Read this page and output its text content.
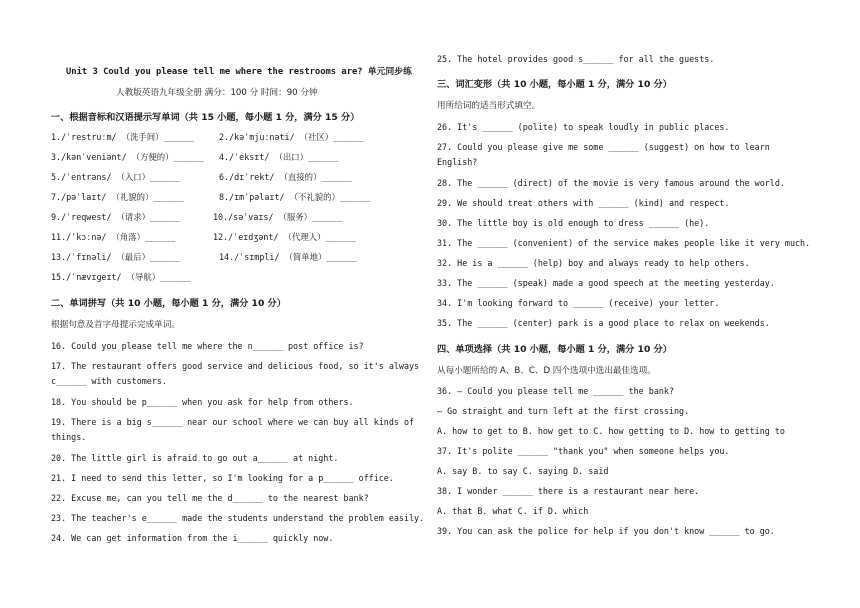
Unit 3 Could you please tell me where the restrooms are? 单元同步练
人教版英语九年级全册 满分：100 分 时间：90 分钟
一、根据音标和汉语提示写单词（共 15 小题，每小题 1 分，满分 15 分）
1./ˈrestruːm/ （洗手间）______	2./kəˈmjuːnəti/ （社区）______
3./kənˈveniənt/ （方便的）______ 4./ˈeksɪt/ （出口）______
5./ˈentrəns/ （入口）______	6./dɪˈrekt/ （直接的）______
7./pəˈlaɪt/ （礼貌的）______	8./ɪmˈpəlaɪt/ （不礼貌的）______
9./ˈreqwest/ （请求）______	10./səˈvaɪs/ （服务）______
11./ˈkɔːnə/ （角落）______	12./ˈeɪdʒənt/ （代理人）______
13./ˈfɪnəli/ （最后）______	14./ˈsɪmpli/ （简单地）______
15./ˈnævɪɡeɪt/ （导航）______
二、单词拼写（共 10 小题，每小题 1 分，满分 10 分）
根据句意及首字母提示完成单词。
16. Could you please tell me where the n______ post office is?
17. The restaurant offers good service and delicious food, so it's always
c______ with customers.
18. You should be p______ when you ask for help from others.
19. There is a big s______ near our school where we can buy all kinds of
things.
20. The little girl is afraid to go out a______ at night.
21. I need to send this letter, so I'm looking for a p______ office.
22. Excuse me, can you tell me the d______ to the nearest bank?
23. The teacher's e______ made the students understand the problem easily.
24. We can get information from the i______ quickly now.
25. The hotel provides good s______ for all the guests.
三、词汇变形（共 10 小题，每小题 1 分，满分 10 分）
用所给词的适当形式填空。
26. It's ______ (polite) to speak loudly in public places.
27. Could you please give me some ______ (suggest) on how to learn
English?
28. The ______ (direct) of the movie is very famous around the world.
29. We should treat others with ______ (kind) and respect.
30. The little boy is old enough to dress ______ (he).
31. The ______ (convenient) of the service makes people like it very much.
32. He is a ______ (help) boy and always ready to help others.
33. The ______ (speak) made a good speech at the meeting yesterday.
34. I'm looking forward to ______ (receive) your letter.
35. The ______ (center) park is a good place to relax on weekends.
四、单项选择（共 10 小题，每小题 1 分，满分 10 分）
从每小题所给的 A、B、C、D 四个选项中选出最佳选项。
36. — Could you please tell me ______ the bank?
— Go straight and turn left at the first crossing.
A. how to get to B. how get to C. how getting to D. how to getting to
37. It's polite ______ "thank you" when someone helps you.
A. say B. to say C. saying D. said
38. I wonder ______ there is a restaurant near here.
A. that B. what C. if D. which
39. You can ask the police for help if you don't know ______ to go.
